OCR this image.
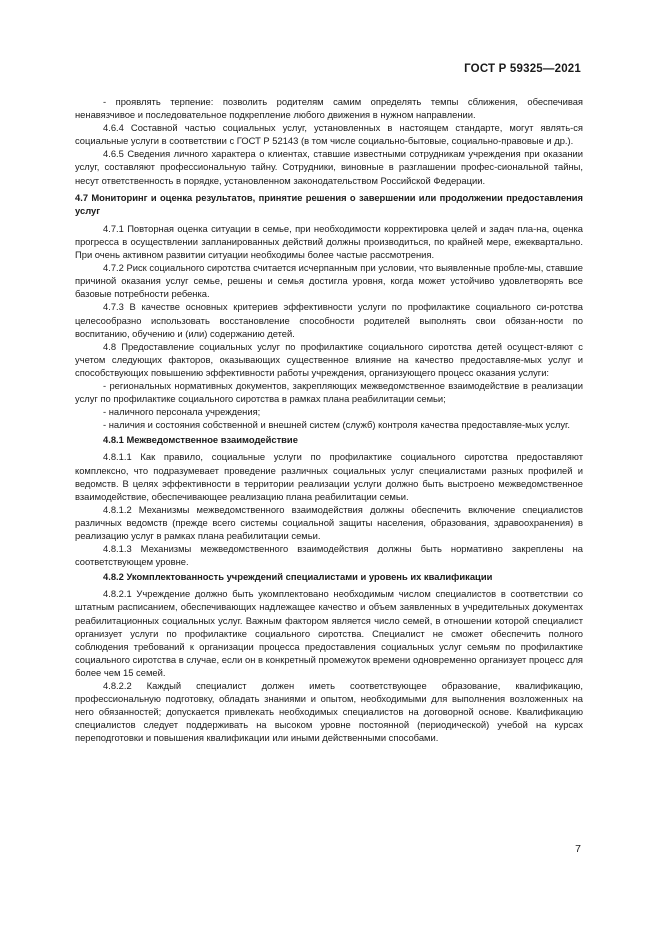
ГОСТ Р 59325—2021

- проявлять терпение: позволить родителям самим определять темпы сближения, обеспечивая ненавязчивое и последовательное подкрепление любого движения в нужном направлении.

4.6.4 Составной частью социальных услуг, установленных в настоящем стандарте, могут являть-ся социальные услуги в соответствии с ГОСТ Р 52143 (в том числе социально-бытовые, социально-правовые и др.).

4.6.5 Сведения личного характера о клиентах, ставшие известными сотрудникам учреждения при оказании услуг, составляют профессиональную тайну. Сотрудники, виновные в разглашении профес-сиональной тайны, несут ответственность в порядке, установленном законодательством Российской Федерации.

4.7 Мониторинг и оценка результатов, принятие решения о завершении или продолжении предоставления услуг

4.7.1 Повторная оценка ситуации в семье, при необходимости корректировка целей и задач пла-на, оценка прогресса в осуществлении запланированных действий должны производиться, по крайней мере, ежеквартально. При очень активном развитии ситуации необходимы более частые рассмотрения.

4.7.2 Риск социального сиротства считается исчерпанным при условии, что выявленные пробле-мы, ставшие причиной оказания услуг семье, решены и семья достигла уровня, когда может устойчиво удовлетворять все базовые потребности ребенка.

4.7.3 В качестве основных критериев эффективности услуги по профилактике социального си-ротства целесообразно использовать восстановление способности родителей выполнять свои обязан-ности по воспитанию, обучению и (или) содержанию детей.

4.8 Предоставление социальных услуг по профилактике социального сиротства детей осущест-вляют с учетом следующих факторов, оказывающих существенное влияние на качество предоставляе-мых услуг и способствующих повышению эффективности работы учреждения, организующего процесс оказания услуги:

- региональных нормативных документов, закрепляющих межведомственное взаимодействие в реализации услуг по профилактике социального сиротства в рамках плана реабилитации семьи;

- наличного персонала учреждения;

- наличия и состояния собственной и внешней систем (служб) контроля качества предоставляе-мых услуг.

4.8.1 Межведомственное взаимодействие

4.8.1.1 Как правило, социальные услуги по профилактике социального сиротства предоставляют комплексно, что подразумевает проведение различных социальных услуг специалистами разных профилей и ведомств. В целях эффективности в территории реализации услуги должно быть выстроено межведомственное взаимодействие, обеспечивающее реализацию плана реабилитации семьи.

4.8.1.2 Механизмы межведомственного взаимодействия должны обеспечить включение специалистов различных ведомств (прежде всего системы социальной защиты населения, образования, здравоохранения) в реализацию услуг в рамках плана реабилитации семьи.

4.8.1.3 Механизмы межведомственного взаимодействия должны быть нормативно закреплены на соответствующем уровне.

4.8.2 Укомплектованность учреждений специалистами и уровень их квалификации

4.8.2.1 Учреждение должно быть укомплектовано необходимым числом специалистов в соответствии со штатным расписанием, обеспечивающих надлежащее качество и объем заявленных в учредительных документах реабилитационных социальных услуг. Важным фактором является число семей, в отношении которой специалист организует услуги по профилактике социального сиротства. Специалист не сможет обеспечить полного соблюдения требований к организации процесса предоставления социальных услуг семьям по профилактике социального сиротства в случае, если он в конкретный промежуток времени одновременно организует процесс для более чем 15 семей.

4.8.2.2 Каждый специалист должен иметь соответствующее образование, квалификацию, профессиональную подготовку, обладать знаниями и опытом, необходимыми для выполнения возложенных на него обязанностей; допускается привлекать необходимых специалистов на договорной основе. Квалификацию специалистов следует поддерживать на высоком уровне постоянной (периодической) учебой на курсах переподготовки и повышения квалификации или иными действенными способами.

7
